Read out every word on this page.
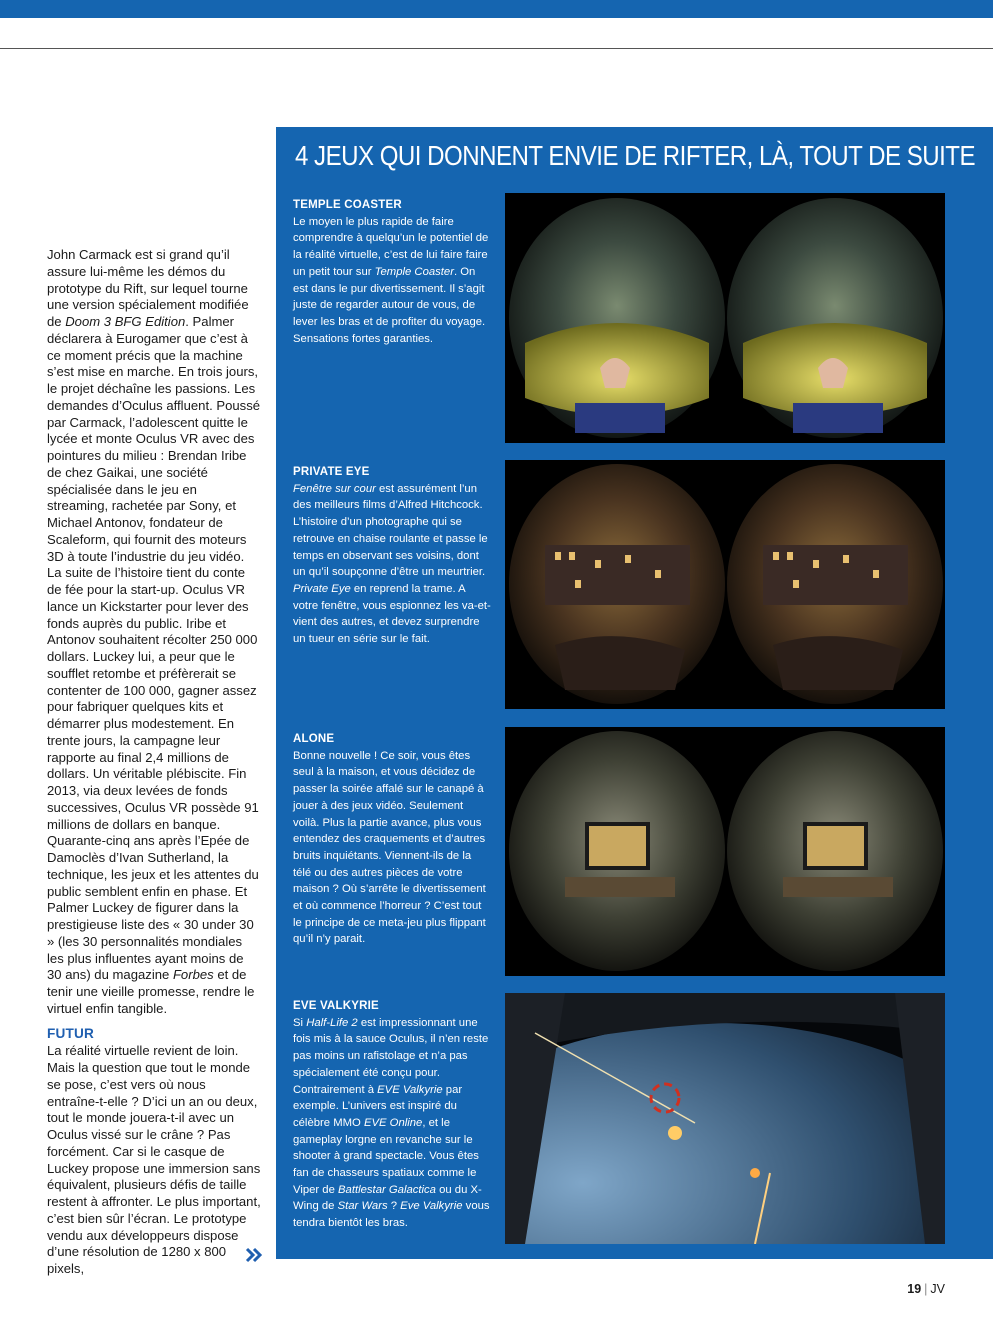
John Carmack est si grand qu’il assure lui-même les démos du prototype du Rift, sur lequel tourne une version spécialement modifiée de Doom 3 BFG Edition. Palmer déclarera à Eurogamer que c’est à ce moment précis que la machine s’est mise en marche. En trois jours, le projet déchaîne les passions. Les demandes d’Oculus affluent. Poussé par Carmack, l’adolescent quitte le lycée et monte Oculus VR avec des pointures du milieu : Brendan Iribe de chez Gaikai, une société spécialisée dans le jeu en streaming, rachetée par Sony, et Michael Antonov, fondateur de Scaleform, qui fournit des moteurs 3D à toute l’industrie du jeu vidéo. La suite de l’histoire tient du conte de fée pour la start-up. Oculus VR lance un Kickstarter pour lever des fonds auprès du public. Iribe et Antonov souhaitent récolter 250 000 dollars. Luckey lui, a peur que le soufflet retombe et préfèrerait se contenter de 100 000, gagner assez pour fabriquer quelques kits et démarrer plus modestement. En trente jours, la campagne leur rapporte au final 2,4 millions de dollars. Un véritable plébiscite. Fin 2013, via deux levées de fonds successives, Oculus VR possède 91 millions de dollars en banque. Quarante-cinq ans après l’Epée de Damoclès d’Ivan Sutherland, la technique, les jeux et les attentes du public semblent enfin en phase. Et Palmer Luckey de figurer dans la prestigieuse liste des « 30 under 30 » (les 30 personnalités mondiales les plus influentes ayant moins de 30 ans) du magazine Forbes et de tenir une vieille promesse, rendre le virtuel enfin tangible.

FUTUR

La réalité virtuelle revient de loin. Mais la question que tout le monde se pose, c’est vers où nous entraîne-t-elle ? D’ici un an ou deux, tout le monde jouera-t-il avec un Oculus vissé sur le crâne ? Pas forcément. Car si le casque de Luckey propose une immersion sans équivalent, plusieurs défis de taille restent à affronter. Le plus important, c’est bien sûr l’écran. Le prototype vendu aux développeurs dispose d’une résolution de 1280 x 800 pixels,

4 JEUX QUI DONNENT ENVIE DE RIFTER, LÀ, TOUT DE SUITE
TEMPLE COASTER

Le moyen le plus rapide de faire comprendre à quelqu’un le potentiel de la réalité virtuelle, c’est de lui faire faire un petit tour sur Temple Coaster. On est dans le pur divertissement. Il s’agit juste de regarder autour de vous, de lever les bras et de profiter du voyage. Sensations fortes garanties.

PRIVATE EYE

Fenêtre sur cour est assurément l’un des meilleurs films d’Alfred Hitchcock. L’histoire d’un photographe qui se retrouve en chaise roulante et passe le temps en observant ses voisins, dont un qu’il soupçonne d’être un meurtrier. Private Eye en reprend la trame. A votre fenêtre, vous espionnez les va-et-vient des autres, et devez surprendre un tueur en série sur le fait.

ALONE

Bonne nouvelle ! Ce soir, vous êtes seul à la maison, et vous décidez de passer la soirée affalé sur le canapé à jouer à des jeux vidéo. Seulement voilà. Plus la partie avance, plus vous entendez des craquements et d’autres bruits inquiétants. Viennent-ils de la télé ou des autres pièces de votre maison ? Où s’arrête le divertissement et où commence l’horreur ? C’est tout le principe de ce meta-jeu plus flippant qu’il n’y parait.

EVE VALKYRIE

Si Half-Life 2 est impressionnant une fois mis à la sauce Oculus, il n’en reste pas moins un rafistolage et n’a pas spécialement été conçu pour. Contrairement à EVE Valkyrie par exemple. L’univers est inspiré du célèbre MMO EVE Online, et le gameplay lorgne en revanche sur le shooter à grand spectacle. Vous êtes fan de chasseurs spatiaux comme le Viper de Battlestar Galactica ou du X-Wing de Star Wars ? Eve Valkyrie vous tendra bientôt les bras.

19 | JV
